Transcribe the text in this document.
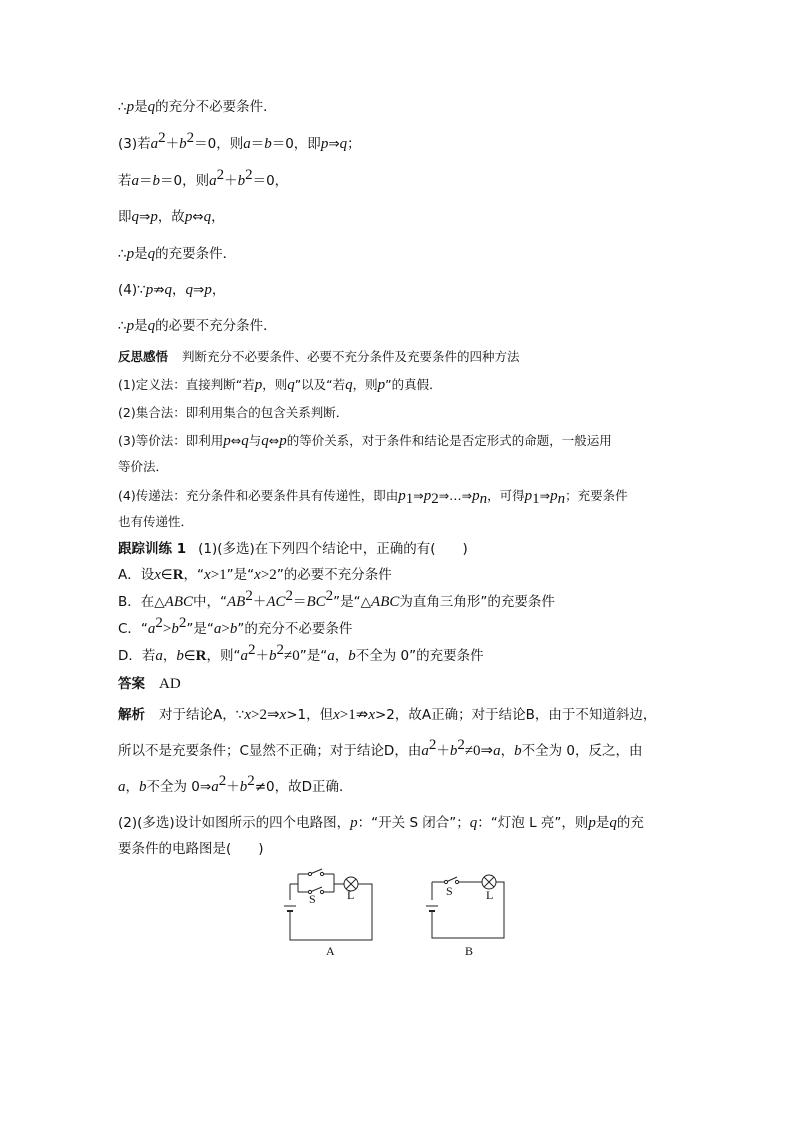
∴p是q的充分不必要条件．
(3)若$a^2+b^2=0$，则a＝b＝0，即p⇒q；
若a＝b＝0，则$a^2+b^2=0$，
即q⇒p，故p⇔q，
∴p是q的充要条件．
(4)∵p⇏q，q⇒p，
∴p是q的必要不充分条件．
反思感悟 判断充分不必要条件、必要不充分条件及充要条件的四种方法
(1)定义法：直接判断“若p，则q”以及“若q，则p”的真假．
(2)集合法：即利用集合的包含关系判断．
(3)等价法：即利用p⇔q与q⇔p的等价关系，对于条件和结论是否定形式的命题，一般运用
等价法．
(4)传递法：充分条件和必要条件具有传递性，即由$p_1\Rightarrow p_2\Rightarrow\dots\Rightarrow p_n$，可得$p_1\Rightarrow p_n$；充要条件
也有传递性．
跟踪训练 1 (1)(多选)在下列四个结论中，正确的有(　　)
A．设x∈R，“x>1”是“x>2”的必要不充分条件
B．在△ABC中，“$AB^2+AC^2=BC^2$”是“△ABC为直角三角形”的充要条件
C．“$a^2>b^2$”是“a>b”的充分不必要条件
D．若a，b∈R，则“$a^2+b^2\ne 0$”是“a，b不全为 0”的充要条件
答案 AD
解析 对于结论A，∵x>2⇒x>1，但x>1⇏x>2，故A正确；对于结论B，由于不知道斜边，
所以不是充要条件；C显然不正确；对于结论D，由$a^2+b^2\ne 0\Rightarrow a$，b不全为 0，反之，由
a，b不全为 $0\Rightarrow a^2+b^2\ne 0$，故D正确．
(2)(多选)设计如图所示的四个电路图，p：“开关 S 闭合”；q：“灯泡 L 亮”，则p是q的充
要条件的电路图是(　　)
S	L
A
S	L
B
